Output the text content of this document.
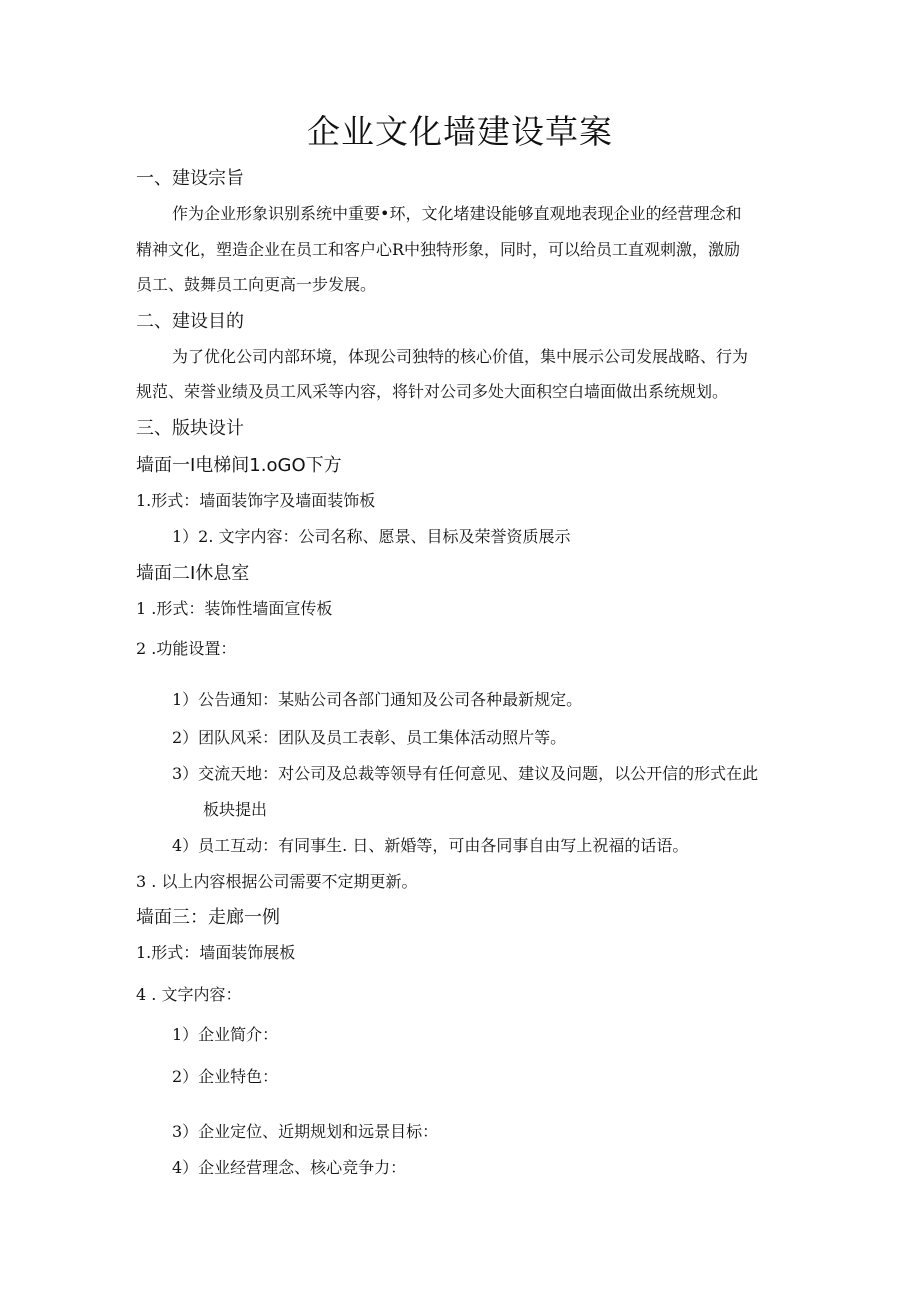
企业文化墙建设草案
一、建设宗旨
作为企业形象识别系统中重要•环，文化堵建设能够直观地表现企业的经营理念和
精神文化，塑造企业在员工和客户心R中独特形象，同时，可以给员工直观刺激，激励
员工、鼓舞员工向更高一步发展。
二、建设目的
为了优化公司内部环境，体现公司独特的核心价值，集中展示公司发展战略、行为
规范、荣誉业绩及员工风采等内容，将针对公司多处大面积空白墙面做出系统规划。
三、版块设计
墙面一I电梯间1.oGO下方
1.形式：墙面装饰字及墙面装饰板
1）2. 文字内容：公司名称、愿景、目标及荣誉资质展示
墙面二I休息室
1 .形式：装饰性墙面宣传板
2 .功能设置：
1）公告通知：某贴公司各部门通知及公司各种最新规定。
2）团队风采：团队及员工表彰、员工集体活动照片等。
3）交流天地：对公司及总裁等领导有任何意见、建议及问题，以公开信的形式在此
板块提出
4）员工互动：有同事生. 日、新婚等，可由各同事自由写上祝福的话语。
3 . 以上内容根据公司需要不定期更新。
墙面三：走廊一例
1.形式：墙面装饰展板
4 . 文字内容：
1）企业简介：
2）企业特色：
3）企业定位、近期规划和远景目标：
4）企业经营理念、核心竞争力：
